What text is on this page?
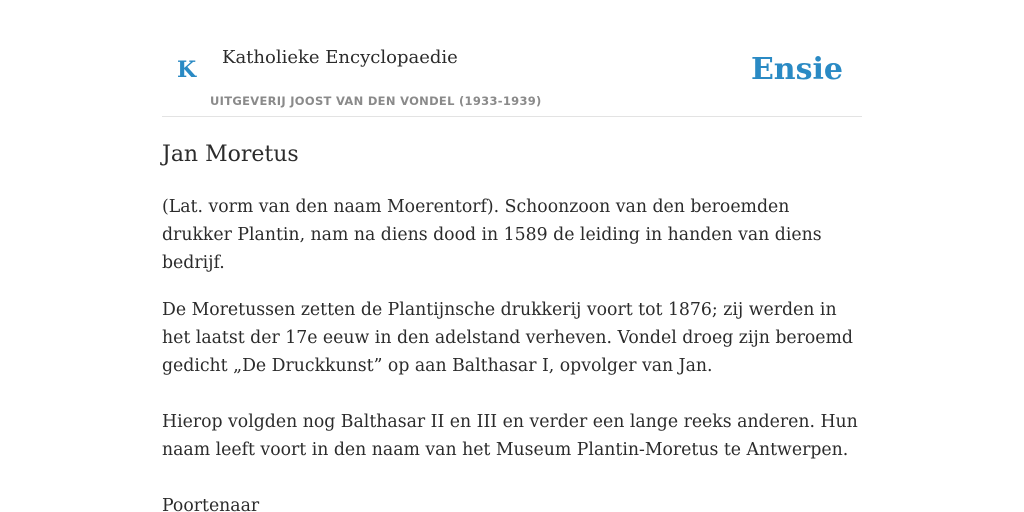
K Katholieke Encyclopaedie
UITGEVERIJ JOOST VAN DEN VONDEL (1933-1939)
Ensie
Jan Moretus

(Lat. vorm van den naam Moerentorf). Schoonzoon van den beroemden drukker Plantin, nam na diens dood in 1589 de leiding in handen van diens bedrijf.

De Moretussen zetten de Plantijnsche drukkerij voort tot 1876; zij werden in het laatst der 17e eeuw in den adelstand verheven. Vondel droeg zijn beroemd gedicht „De Druckkunst” op aan Balthasar I, opvolger van Jan.

Hierop volgden nog Balthasar II en III en verder een lange reeks anderen. Hun naam leeft voort in den naam van het Museum Plantin-Moretus te Antwerpen.

Poortenaar
